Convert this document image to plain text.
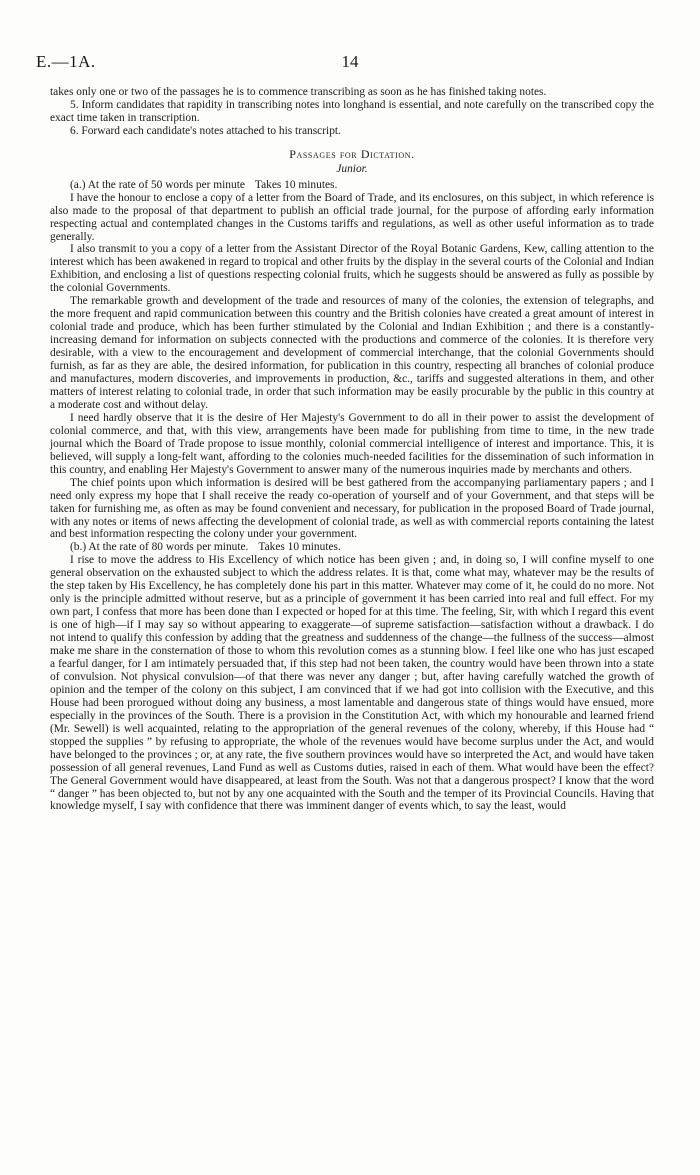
14
E.—1A.

takes only one or two of the passages he is to commence transcribing as soon as he has finished taking notes.

5. Inform candidates that rapidity in transcribing notes into longhand is essential, and note carefully on the transcribed copy the exact time taken in transcription.

6. Forward each candidate's notes attached to his transcript.

Passages for Dictation.

Junior.

(a.) At the rate of 50 words per minute Takes 10 minutes.

I have the honour to enclose a copy of a letter from the Board of Trade, and its enclosures, on this subject, in which reference is also made to the proposal of that department to publish an official trade journal, for the purpose of affording early information respecting actual and contemplated changes in the Customs tariffs and regulations, as well as other useful information as to trade generally.

I also transmit to you a copy of a letter from the Assistant Director of the Royal Botanic Gardens, Kew, calling attention to the interest which has been awakened in regard to tropical and other fruits by the display in the several courts of the Colonial and Indian Exhibition, and enclosing a list of questions respecting colonial fruits, which he suggests should be answered as fully as possible by the colonial Governments.

The remarkable growth and development of the trade and resources of many of the colonies, the extension of telegraphs, and the more frequent and rapid communication between this country and the British colonies have created a great amount of interest in colonial trade and produce, which has been further stimulated by the Colonial and Indian Exhibition ; and there is a constantly-increasing demand for information on subjects connected with the productions and commerce of the colonies. It is therefore very desirable, with a view to the encouragement and development of commercial interchange, that the colonial Governments should furnish, as far as they are able, the desired information, for publication in this country, respecting all branches of colonial produce and manufactures, modern discoveries, and improvements in production, &c., tariffs and suggested alterations in them, and other matters of interest relating to colonial trade, in order that such information may be easily procurable by the public in this country at a moderate cost and without delay.

I need hardly observe that it is the desire of Her Majesty's Government to do all in their power to assist the development of colonial commerce, and that, with this view, arrangements have been made for publishing from time to time, in the new trade journal which the Board of Trade propose to issue monthly, colonial commercial intelligence of interest and importance. This, it is believed, will supply a long-felt want, affording to the colonies much-needed facilities for the dissemination of such information in this country, and enabling Her Majesty's Government to answer many of the numerous inquiries made by merchants and others.

The chief points upon which information is desired will be best gathered from the accompanying parliamentary papers ; and I need only express my hope that I shall receive the ready co-operation of yourself and of your Government, and that steps will be taken for furnishing me, as often as may be found convenient and necessary, for publication in the proposed Board of Trade journal, with any notes or items of news affecting the development of colonial trade, as well as with commercial reports containing the latest and best information respecting the colony under your government.

(b.) At the rate of 80 words per minute. Takes 10 minutes.

I rise to move the address to His Excellency of which notice has been given ; and, in doing so, I will confine myself to one general observation on the exhausted subject to which the address relates. It is that, come what may, whatever may be the results of the step taken by His Excellency, he has completely done his part in this matter. Whatever may come of it, he could do no more. Not only is the principle admitted without reserve, but as a principle of government it has been carried into real and full effect. For my own part, I confess that more has been done than I expected or hoped for at this time. The feeling, Sir, with which I regard this event is one of high—if I may say so without appearing to exaggerate—of supreme satisfaction—satisfaction without a drawback. I do not intend to qualify this confession by adding that the greatness and suddenness of the change—the fullness of the success—almost make me share in the consternation of those to whom this revolution comes as a stunning blow. I feel like one who has just escaped a fearful danger, for I am intimately persuaded that, if this step had not been taken, the country would have been thrown into a state of convulsion. Not physical convulsion—of that there was never any danger ; but, after having carefully watched the growth of opinion and the temper of the colony on this subject, I am convinced that if we had got into collision with the Executive, and this House had been prorogued without doing any business, a most lamentable and dangerous state of things would have ensued, more especially in the provinces of the South. There is a provision in the Constitution Act, with which my honourable and learned friend (Mr. Sewell) is well acquainted, relating to the appropriation of the general revenues of the colony, whereby, if this House had “ stopped the supplies ” by refusing to appropriate, the whole of the revenues would have become surplus under the Act, and would have belonged to the provinces ; or, at any rate, the five southern provinces would have so interpreted the Act, and would have taken possession of all general revenues, Land Fund as well as Customs duties, raised in each of them. What would have been the effect? The General Government would have disappeared, at least from the South. Was not that a dangerous prospect? I know that the word “ danger ” has been objected to, but not by any one acquainted with the South and the temper of its Provincial Councils. Having that knowledge myself, I say with confidence that there was imminent danger of events which, to say the least, would
